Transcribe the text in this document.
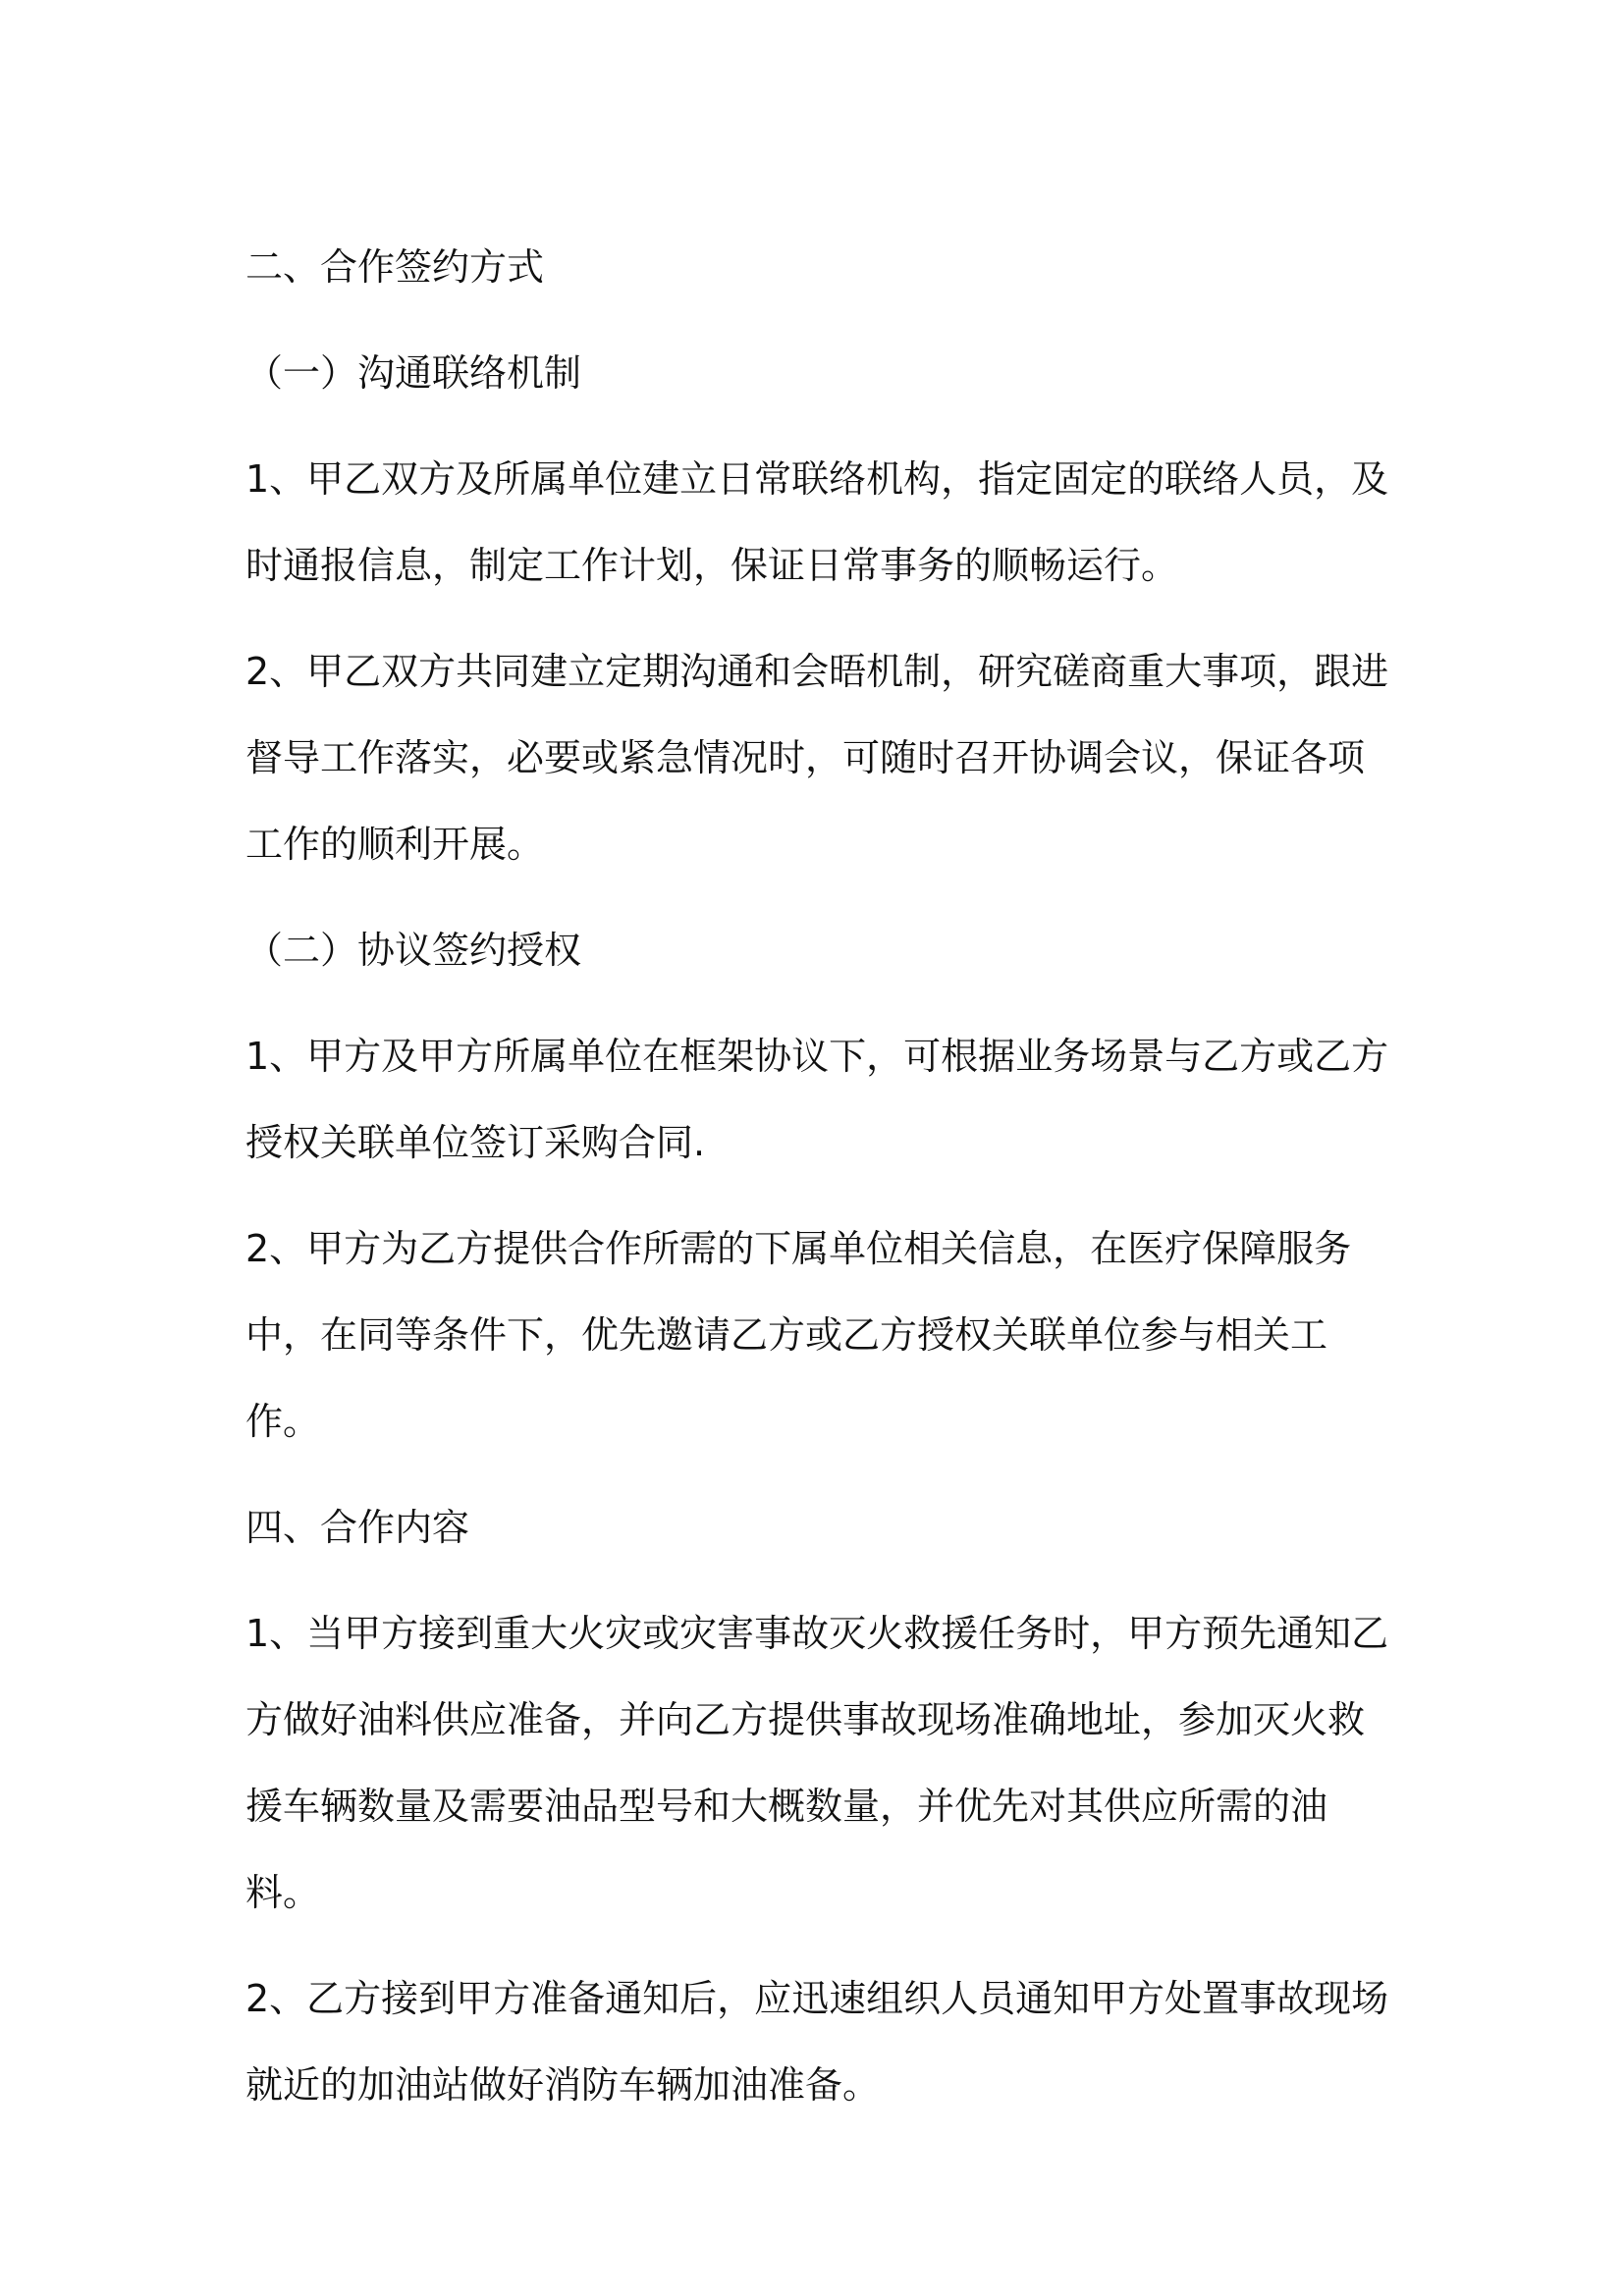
二、合作签约方式

（一）沟通联络机制

1、甲乙双方及所属单位建立日常联络机构，指定固定的联络人员，及时通报信息，制定工作计划，保证日常事务的顺畅运行。

2、甲乙双方共同建立定期沟通和会晤机制，研究磋商重大事项，跟进督导工作落实，必要或紧急情况时，可随时召开协调会议，保证各项工作的顺利开展。

（二）协议签约授权

1、甲方及甲方所属单位在框架协议下，可根据业务场景与乙方或乙方授权关联单位签订采购合同.

2、甲方为乙方提供合作所需的下属单位相关信息，在医疗保障服务中，在同等条件下，优先邀请乙方或乙方授权关联单位参与相关工作。

四、合作内容

1、当甲方接到重大火灾或灾害事故灭火救援任务时，甲方预先通知乙方做好油料供应准备，并向乙方提供事故现场准确地址，参加灭火救援车辆数量及需要油品型号和大概数量，并优先对其供应所需的油料。

2、乙方接到甲方准备通知后，应迅速组织人员通知甲方处置事故现场就近的加油站做好消防车辆加油准备。
